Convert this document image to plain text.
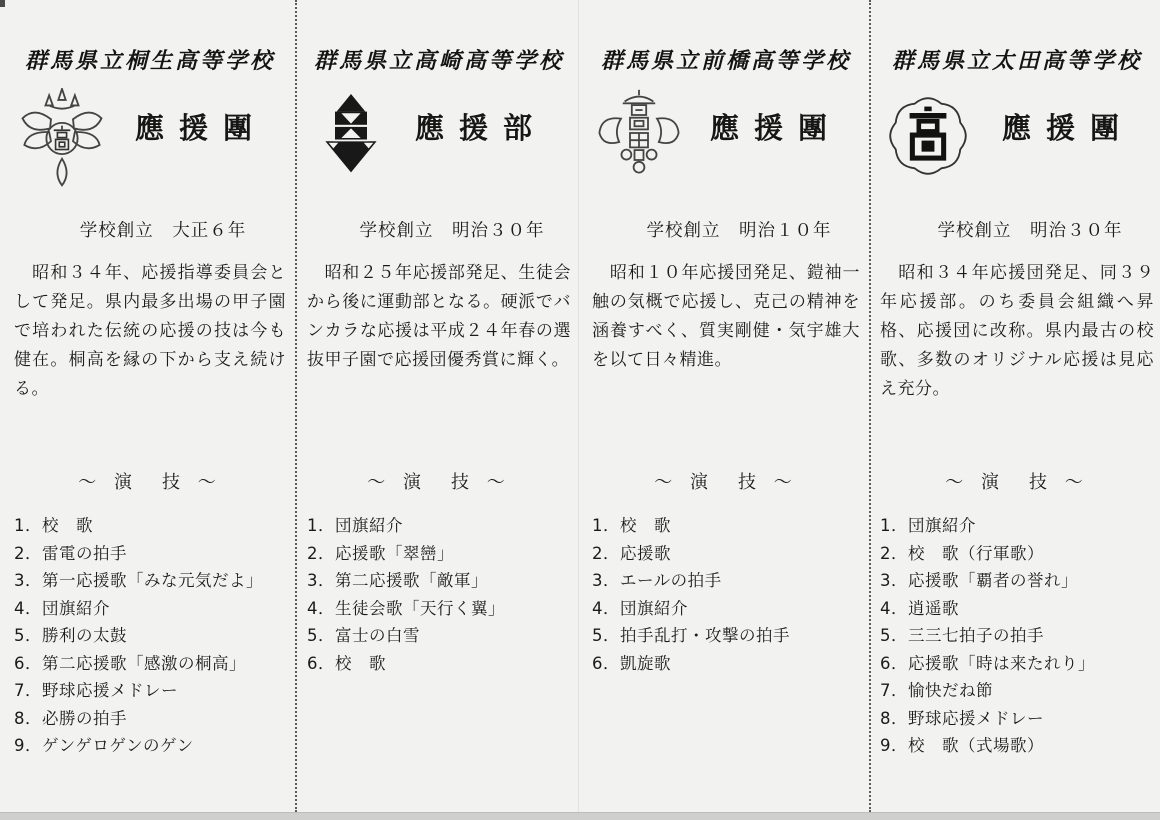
群馬県立桐生高等学校
應援團
学校創立　大正６年

　昭和３４年、応援指導委員会として発足。県内最多出場の甲子園で培われた伝統の応援の技は今も健在。桐高を縁の下から支え続ける。

～ 演　技 ～
1．校　歌
2．雷電の拍手
3．第一応援歌「みな元気だよ」
4．団旗紹介
5．勝利の太鼓
6．第二応援歌「感激の桐高」
7．野球応援メドレー
8．必勝の拍手
9．ゲンゲロゲンのゲン
群馬県立高崎高等学校
應援部
学校創立　明治３０年

　昭和２５年応援部発足、生徒会から後に運動部となる。硬派でバンカラな応援は平成２４年春の選抜甲子園で応援団優秀賞に輝く。

～ 演　技 ～
1．団旗紹介
2．応援歌「翠巒」
3．第二応援歌「敵軍」
4．生徒会歌「天行く翼」
5．富士の白雪
6．校　歌
群馬県立前橋高等学校
應援團
学校創立　明治１０年

　昭和１０年応援団発足、鎧袖一触の気概で応援し、克己の精神を涵養すべく、質実剛健・気宇雄大を以て日々精進。

～ 演　技 ～
1．校　歌
2．応援歌
3．エールの拍手
4．団旗紹介
5．拍手乱打・攻撃の拍手
6．凱旋歌
群馬県立太田高等学校
應援團
学校創立　明治３０年

　昭和３４年応援団発足、同３９年応援部。のち委員会組織へ昇格、応援団に改称。県内最古の校歌、多数のオリジナル応援は見応え充分。

～ 演　技 ～
1．団旗紹介
2．校　歌（行軍歌）
3．応援歌「覇者の誉れ」
4．逍遥歌
5．三三七拍子の拍手
6．応援歌「時は来たれり」
7．愉快だね節
8．野球応援メドレー
9．校　歌（式場歌）
